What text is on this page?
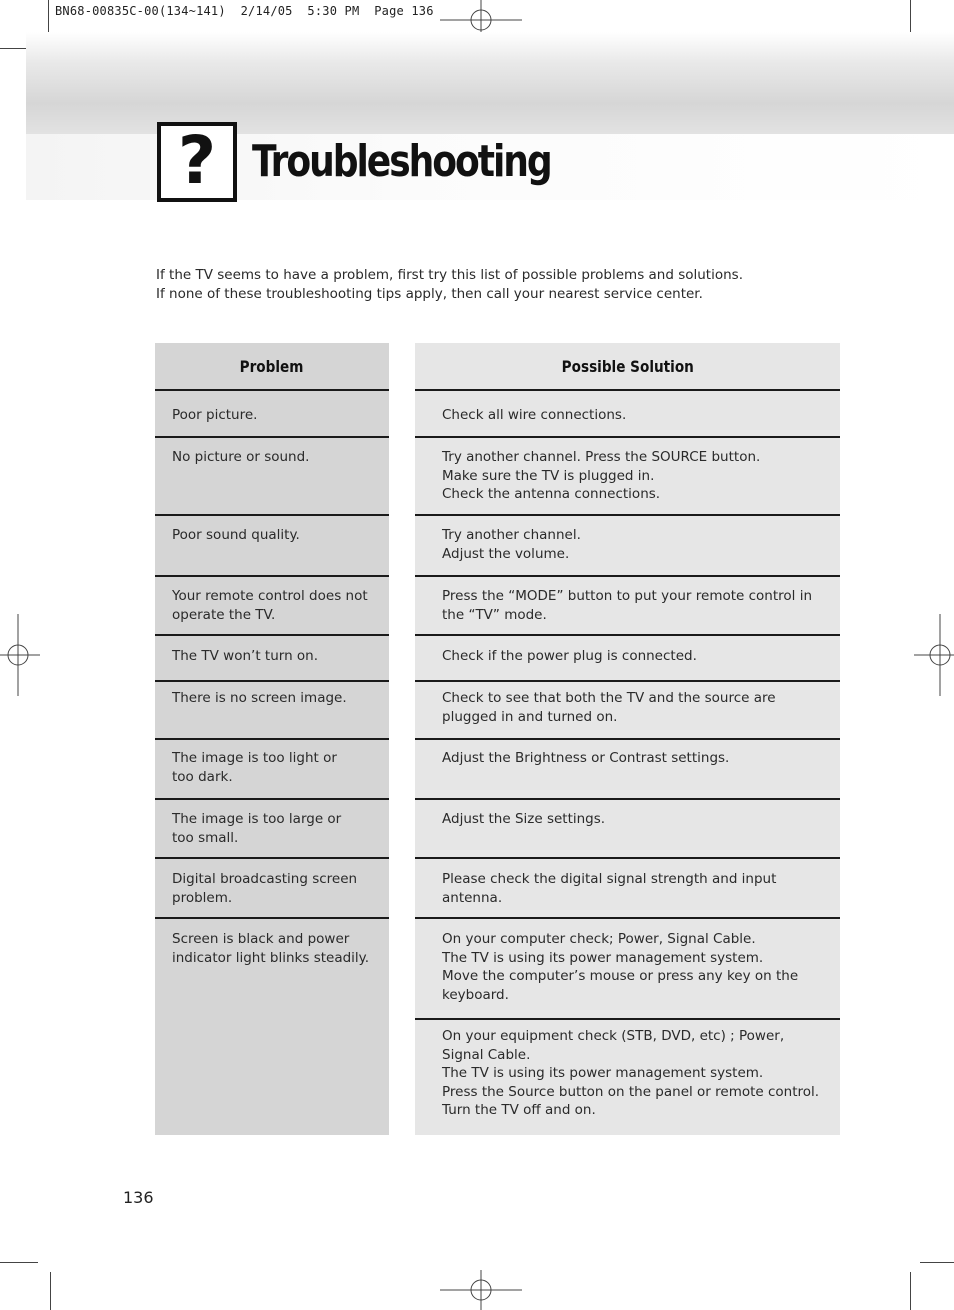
BN68-00835C-00(134~141)  2/14/05  5:30 PM  Page 136
? Troubleshooting
If the TV seems to have a problem, first try this list of possible problems and solutions.
If none of these troubleshooting tips apply, then call your nearest service center.
Problem	Possible Solution
Poor picture.
No picture or sound.
Poor sound quality.
Your remote control does not
operate the TV.
The TV won’t turn on.
There is no screen image.
The image is too light or
too dark.
The image is too large or
too small.
Digital broadcasting screen
problem.
Screen is black and power
indicator light blinks steadily.
Check all wire connections.
Try another channel. Press the SOURCE button.
Make sure the TV is plugged in.
Check the antenna connections.
Try another channel.
Adjust the volume.
Press the “MODE” button to put your remote control in
the “TV” mode.
Check if the power plug is connected.
Check to see that both the TV and the source are
plugged in and turned on.
Adjust the Brightness or Contrast settings.
Adjust the Size settings.
Please check the digital signal strength and input
antenna.
On your computer check; Power, Signal Cable.
The TV is using its power management system.
Move the computer’s mouse or press any key on the
keyboard.
On your equipment check (STB, DVD, etc) ; Power,
Signal Cable.
The TV is using its power management system.
Press the Source button on the panel or remote control.
Turn the TV off and on.
136
